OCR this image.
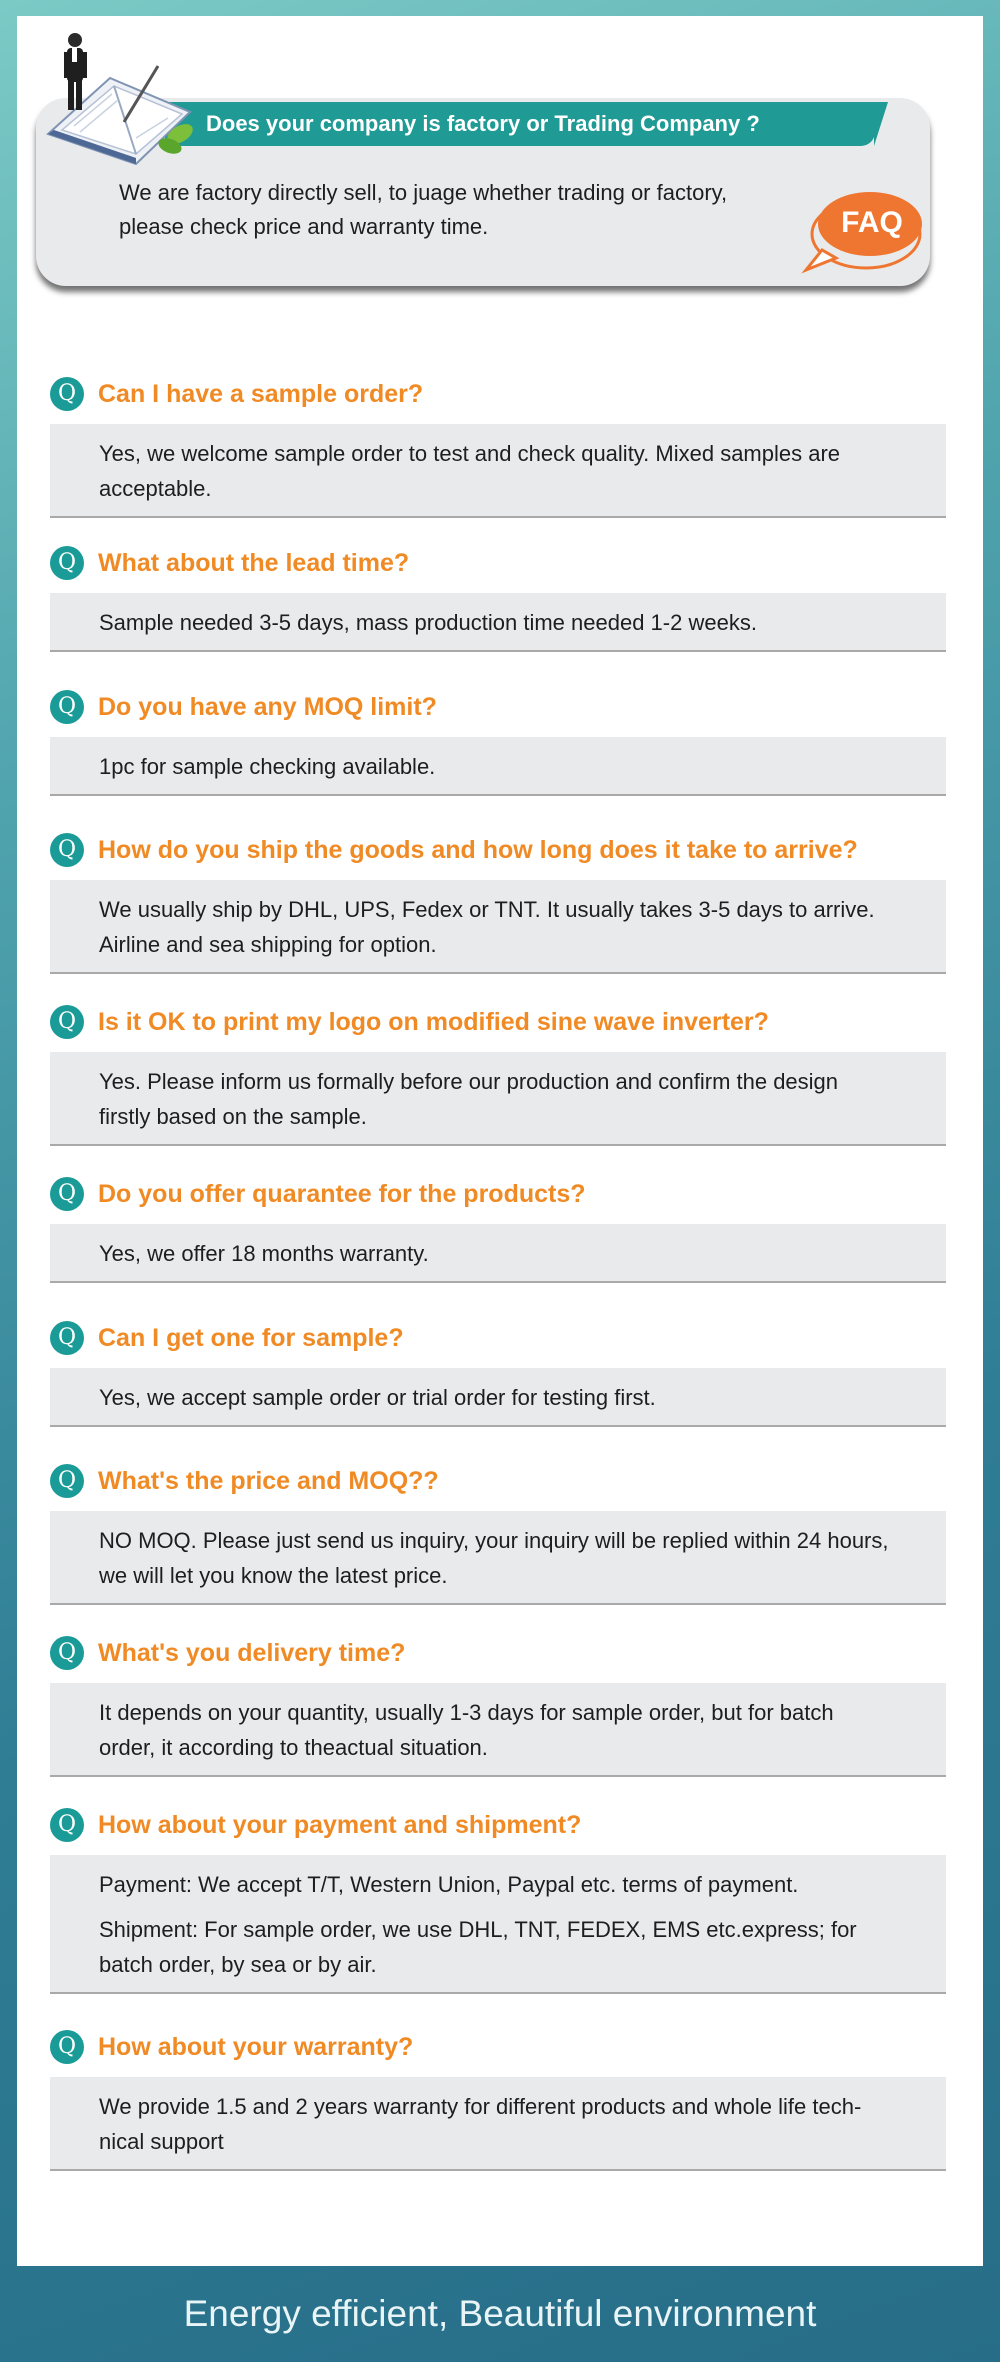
Does your company is factory or Trading Company ?
We are factory directly sell, to juage whether trading or factory,
please check price and warranty time.	FAQ
Q Can I have a sample order?

Yes, we welcome sample order to test and check quality. Mixed samples are

acceptable.

Q What about the lead time?

Sample needed 3-5 days, mass production time needed 1-2 weeks.

Q Do you have any MOQ limit?

1pc for sample checking available.

Q How do you ship the goods and how long does it take to arrive?

We usually ship by DHL, UPS, Fedex or TNT. It usually takes 3-5 days to arrive.

Airline and sea shipping for option.

Q Is it OK to print my logo on modified sine wave inverter?

Yes. Please inform us formally before our production and confirm the design

firstly based on the sample.

Q Do you offer quarantee for the products?

Yes, we offer 18 months warranty.

Q Can I get one for sample?

Yes, we accept sample order or trial order for testing first.

Q What's the price and MOQ??

NO MOQ. Please just send us inquiry, your inquiry will be replied within 24 hours,

we will let you know the latest price.

Q What's you delivery time?

It depends on your quantity, usually 1-3 days for sample order, but for batch

order, it according to theactual situation.

Q How about your payment and shipment?

Payment: We accept T/T, Western Union, Paypal etc. terms of payment.

Shipment: For sample order, we use DHL, TNT, FEDEX, EMS etc.express; for

batch order, by sea or by air.

Q How about your warranty?

We provide 1.5 and 2 years warranty for different products and whole life tech-

nical support

Energy efficient, Beautiful environment
